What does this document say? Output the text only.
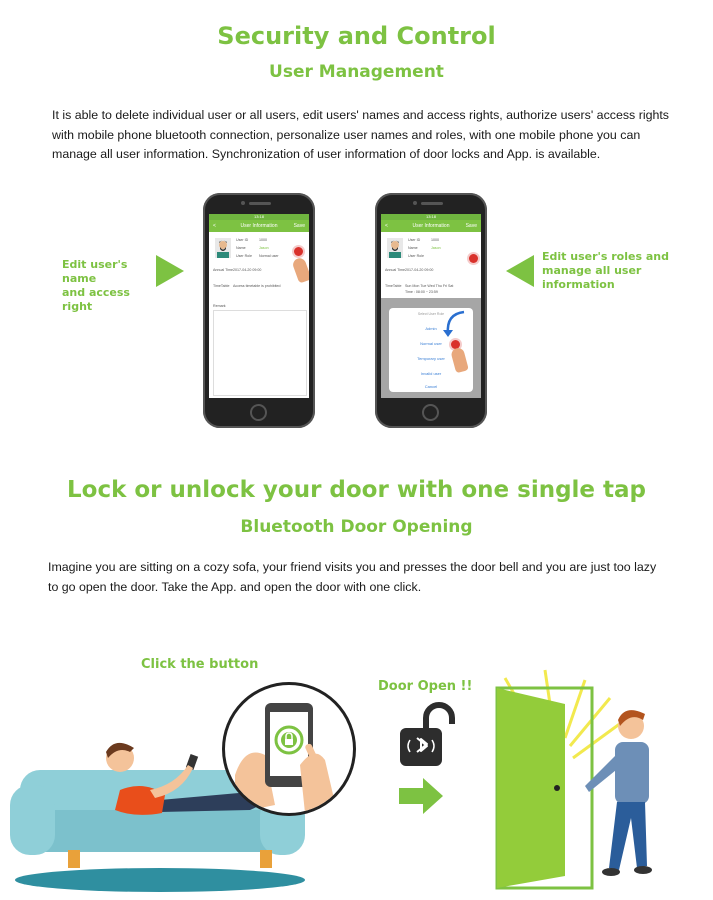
Security and Control
User Management
It is able to delete individual user or all users, edit users' names and access rights, authorize users' access rights
with mobile phone bluetooth connection, personalize user names and roles, with one mobile phone you can
manage all user information. Synchronization of user information of door locks and App. is available.
Edit user's name
and access right
Edit user's roles and
manage all user
information
13:18
<	User Information	Save
User ID	1000
Name	Jason
User Role Normal user
Annual Time 2017-04-20 09:00
TimeTable Access timetable is prohibited
Remark
13:18
<	User Information	Save
User ID	1000
Name	Jason
User Role
Annual Time 2017-04-20 09:00
TimeTable Sun Mon Tue Wed Thu Fri Sat
Time : 08:00 ~ 23:59
Select User Role
Admin
Normal user
Temporary user
Invalid user
Cancel
Lock or unlock your door with one single tap
Bluetooth Door Opening
Imagine you are sitting on a cozy sofa, your friend visits you and presses the door bell and you are just too lazy
to go open the door. Take the App. and open the door with one click.
Click the button
Door Open !!
